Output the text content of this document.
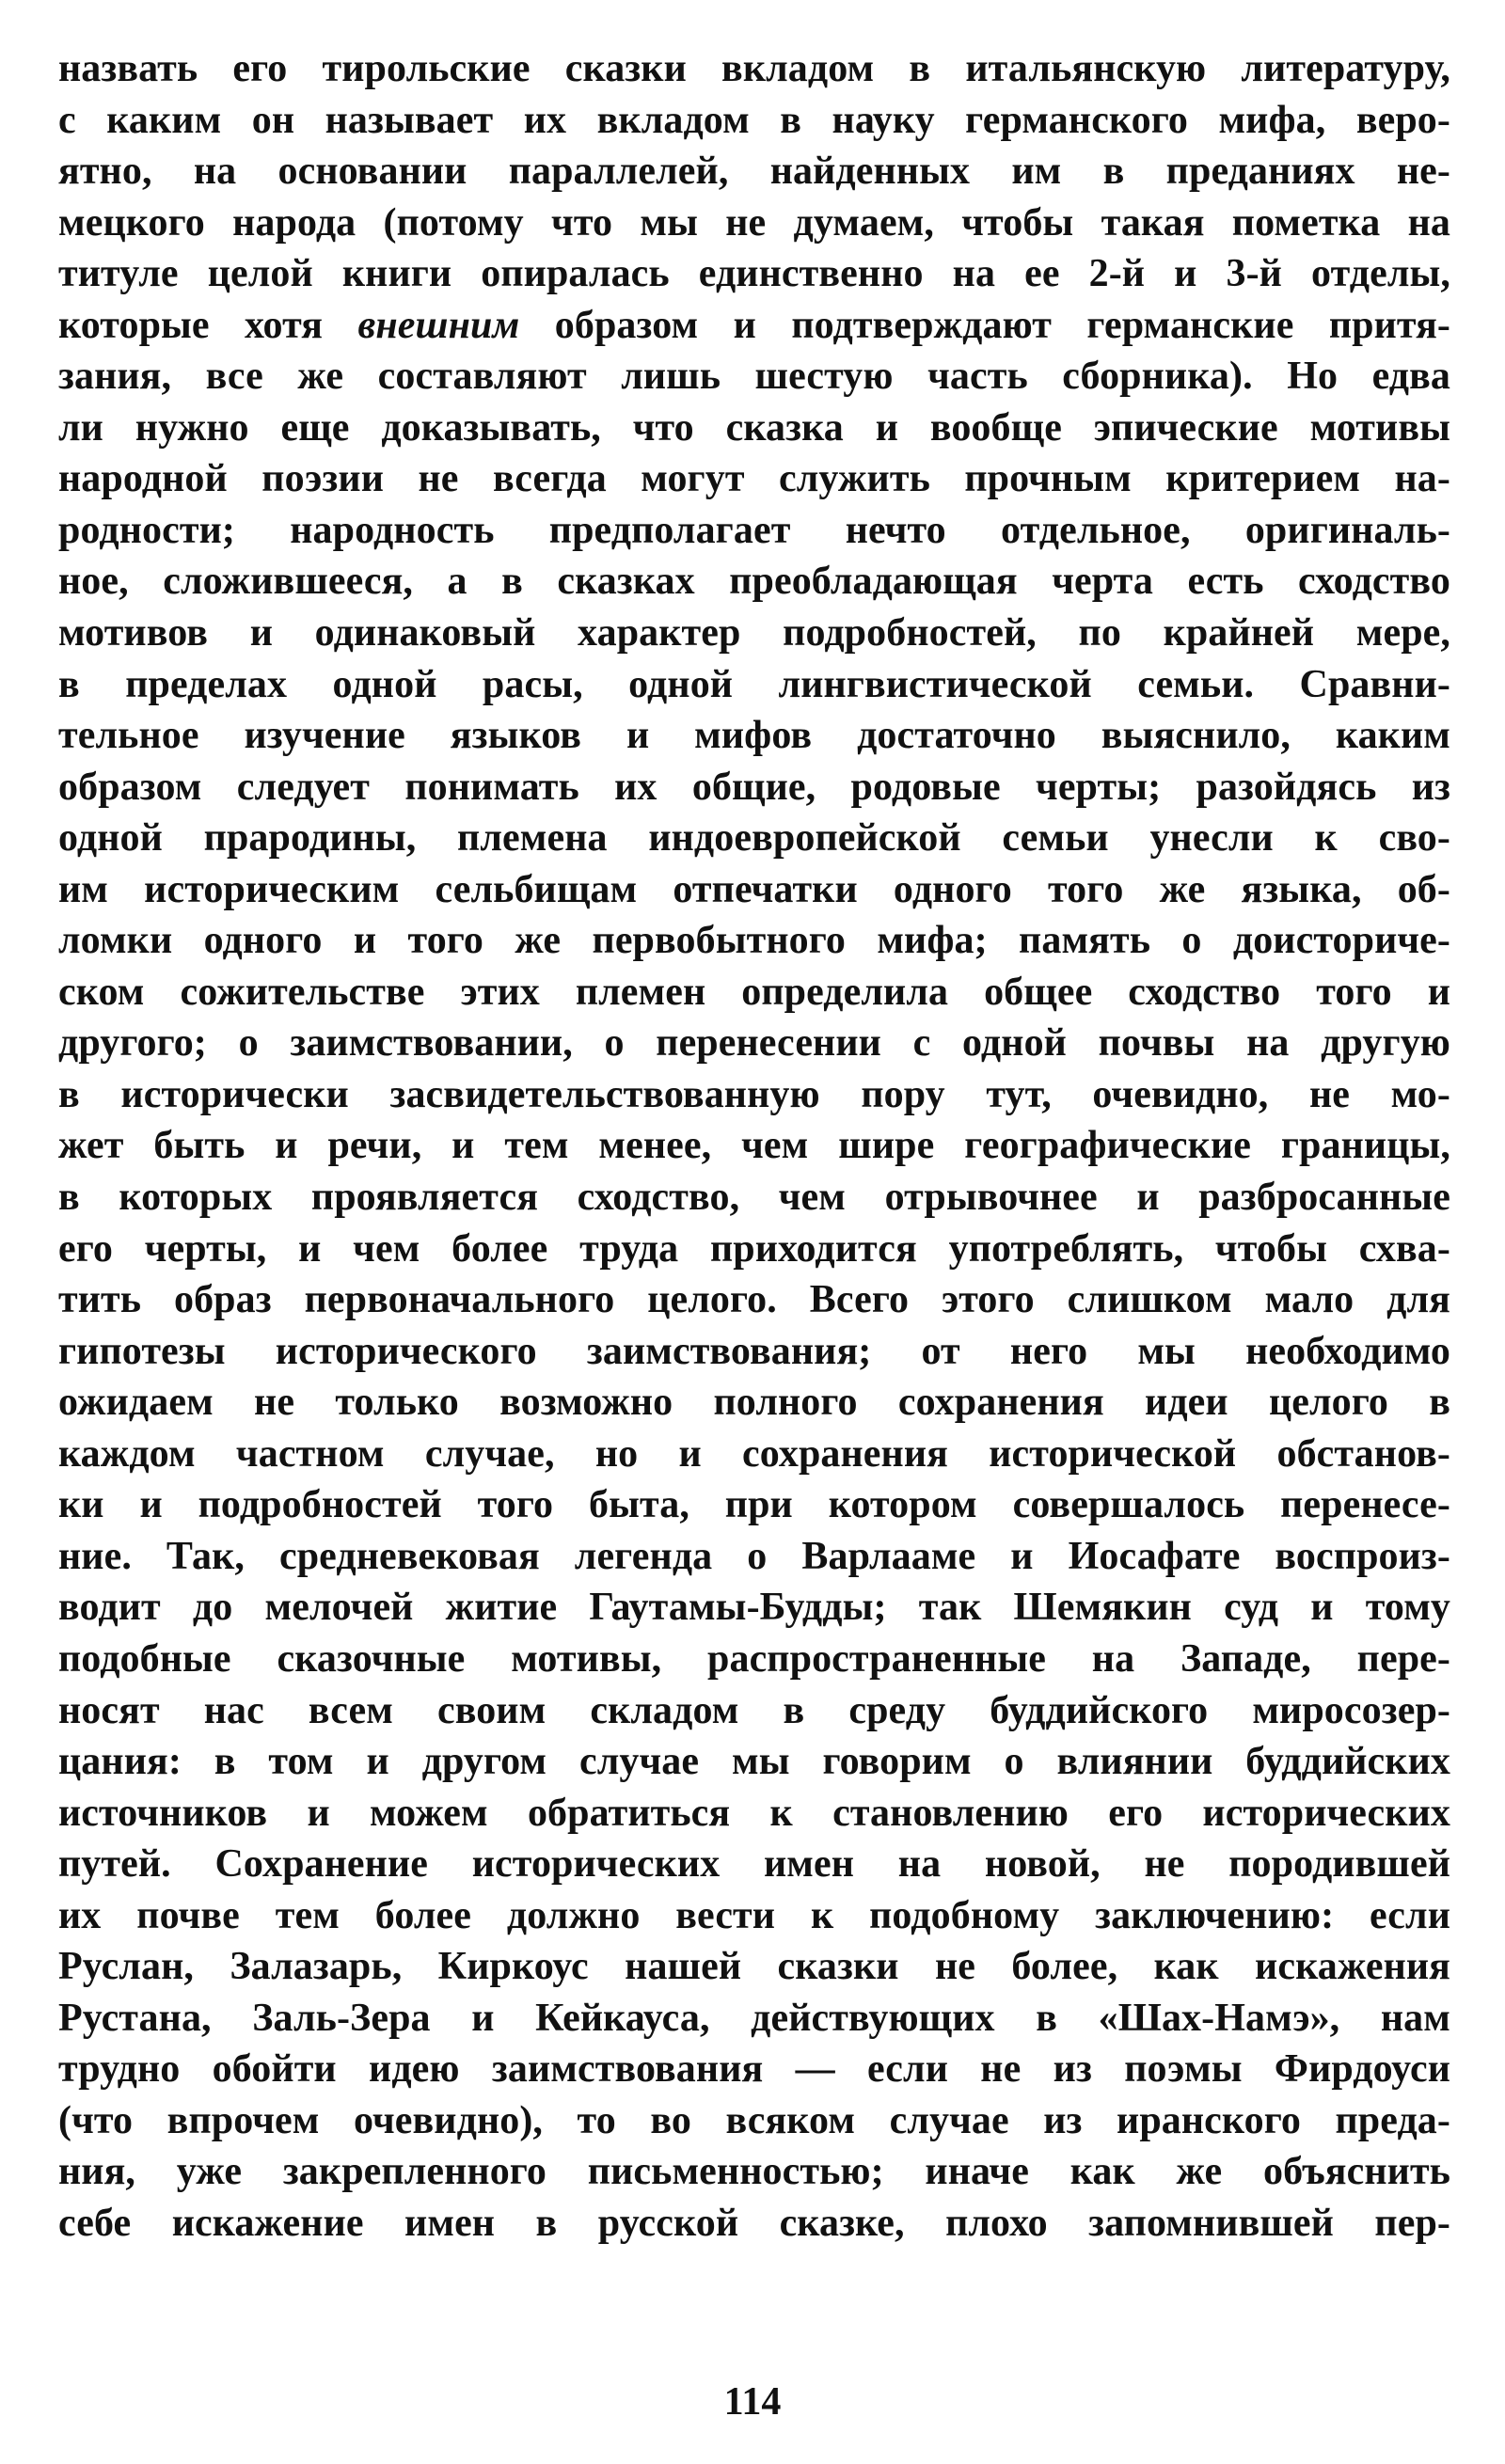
назвать его тирольские сказки вкладом в итальянскую литературу,
с каким он называет их вкладом в науку германского мифа, веро-
ятно, на основании параллелей, найденных им в преданиях не-
мецкого народа (потому что мы не думаем, чтобы такая пометка на
титуле целой книги опиралась единственно на ее 2-й и 3-й отделы,
которые хотя внешним образом и подтверждают германские притя-
зания, все же составляют лишь шестую часть сборника). Но едва
ли нужно еще доказывать, что сказка и вообще эпические мотивы
народной поэзии не всегда могут служить прочным критерием на-
родности; народность предполагает нечто отдельное, оригиналь-
ное, сложившееся, а в сказках преобладающая черта есть сходство
мотивов и одинаковый характер подробностей, по крайней мере,
в пределах одной расы, одной лингвистической семьи. Сравни-
тельное изучение языков и мифов достаточно выяснило, каким
образом следует понимать их общие, родовые черты; разойдясь из
одной прародины, племена индоевропейской семьи унесли к сво-
им историческим сельбищам отпечатки одного того же языка, об-
ломки одного и того же первобытного мифа; память о доисториче-
ском сожительстве этих племен определила общее сходство того и
другого; о заимствовании, о перенесении с одной почвы на другую
в исторически засвидетельствованную пору тут, очевидно, не мо-
жет быть и речи, и тем менее, чем шире географические границы,
в которых проявляется сходство, чем отрывочнее и разбросанные
его черты, и чем более труда приходится употреблять, чтобы схва-
тить образ первоначального целого. Всего этого слишком мало для
гипотезы исторического заимствования; от него мы необходимо
ожидаем не только возможно полного сохранения идеи целого в
каждом частном случае, но и сохранения исторической обстанов-
ки и подробностей того быта, при котором совершалось перенесе-
ние. Так, средневековая легенда о Варлааме и Иосафате воспроиз-
водит до мелочей житие Гаутамы-Будды; так Шемякин суд и тому
подобные сказочные мотивы, распространенные на Западе, пере-
носят нас всем своим складом в среду буддийского миросозер-
цания: в том и другом случае мы говорим о влиянии буддийских
источников и можем обратиться к становлению его исторических
путей. Сохранение исторических имен на новой, не породившей
их почве тем более должно вести к подобному заключению: если
Руслан, Залазарь, Киркоус нашей сказки не более, как искажения
Рустана, Заль-Зера и Кейкауса, действующих в «Шах-Намэ», нам
трудно обойти идею заимствования — если не из поэмы Фирдоуси
(что впрочем очевидно), то во всяком случае из иранского преда-
ния, уже закрепленного письменностью; иначе как же объяснить
себе искажение имен в русской сказке, плохо запомнившей пер-
114
